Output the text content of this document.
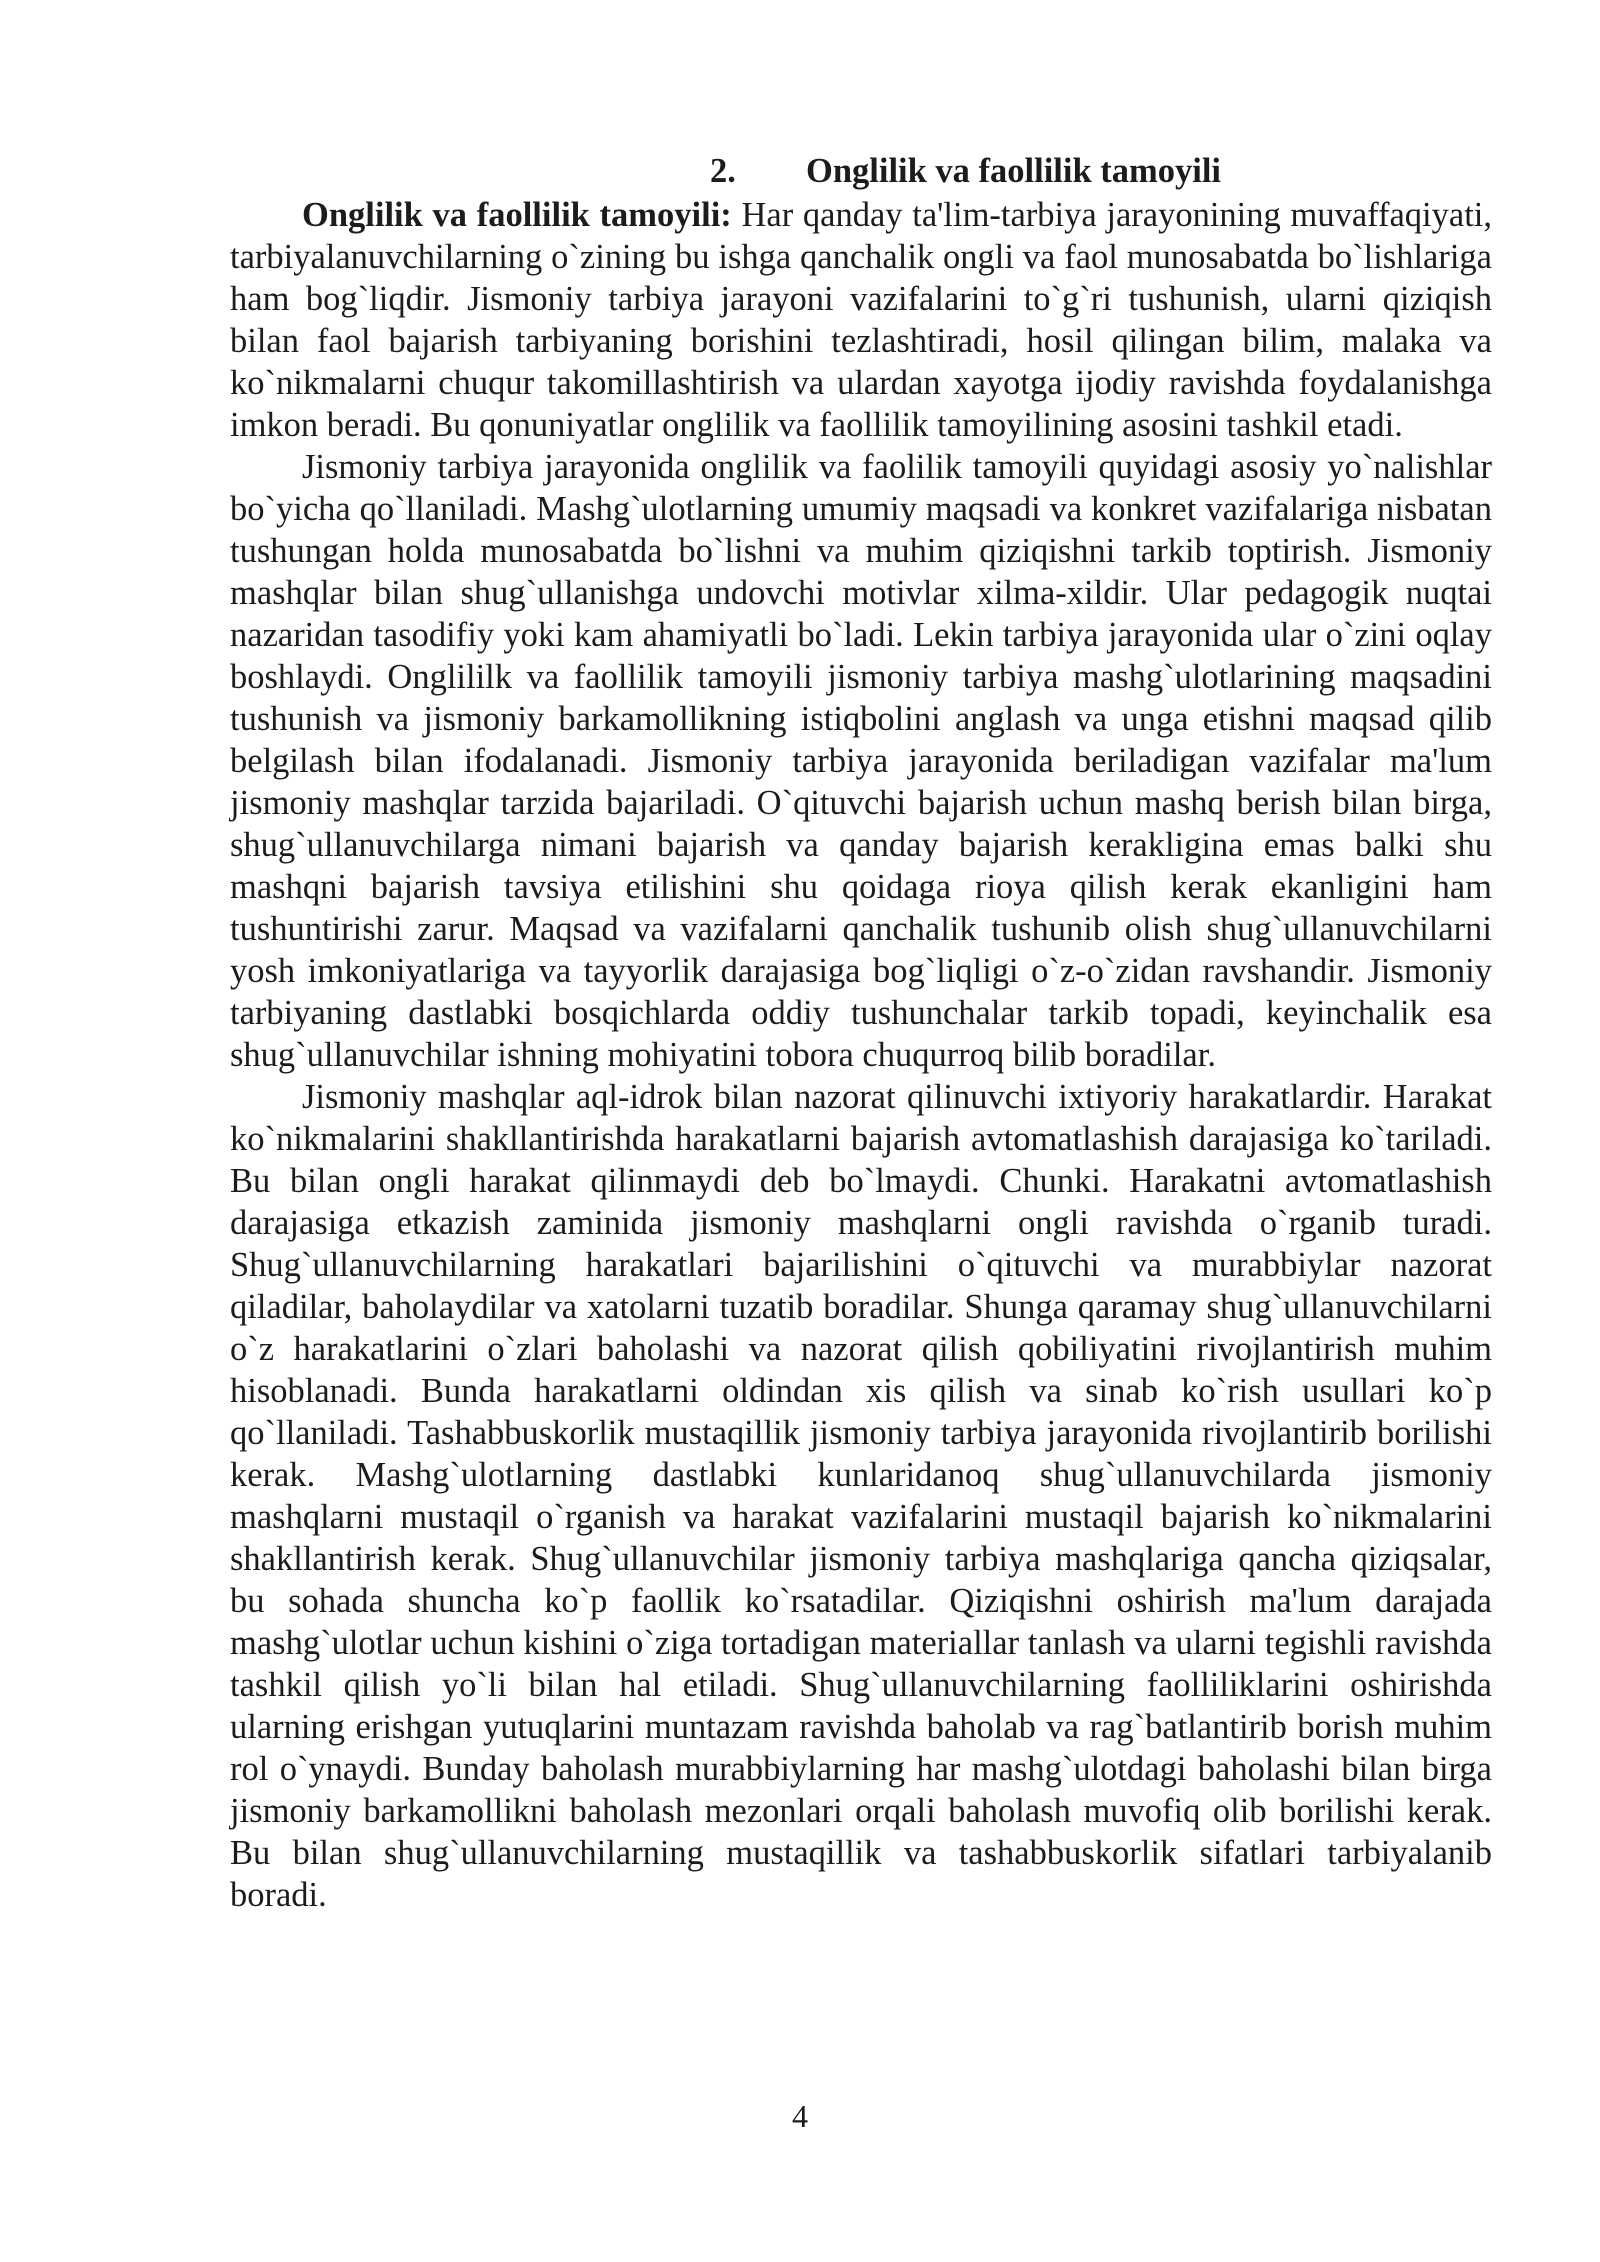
2. Onglilik va faollilik tamoyili

Onglilik va faollilik tamoyili: Har qanday ta'lim-tarbiya jarayonining muvaffaqiyati, tarbiyalanuvchilarning o`zining bu ishga qanchalik ongli va faol munosabatda bo`lishlariga ham bog`liqdir. Jismoniy tarbiya jarayoni vazifalarini to`g`ri tushunish, ularni qiziqish bilan faol bajarish tarbiyaning borishini tezlashtiradi, hosil qilingan bilim, malaka va ko`nikmalarni chuqur takomillashtirish va ulardan xayotga ijodiy ravishda foydalanishga imkon beradi. Bu qonuniyatlar onglilik va faollilik tamoyilining asosini tashkil etadi.

Jismoniy tarbiya jarayonida onglilik va faolilik tamoyili quyidagi asosiy yo`nalishlar bo`yicha qo`llaniladi. Mashg`ulotlarning umumiy maqsadi va konkret vazifalariga nisbatan tushungan holda munosabatda bo`lishni va muhim qiziqishni tarkib toptirish. Jismoniy mashqlar bilan shug`ullanishga undovchi motivlar xilma-xildir. Ular pedagogik nuqtai nazaridan tasodifiy yoki kam ahamiyatli bo`ladi. Lekin tarbiya jarayonida ular o`zini oqlay boshlaydi. Onglililk va faollilik tamoyili jismoniy tarbiya mashg`ulotlarining maqsadini tushunish va jismoniy barkamollikning istiqbolini anglash va unga etishni maqsad qilib belgilash bilan ifodalanadi. Jismoniy tarbiya jarayonida beriladigan vazifalar ma'lum jismoniy mashqlar tarzida bajariladi. O`qituvchi bajarish uchun mashq berish bilan birga, shug`ullanuvchilarga nimani bajarish va qanday bajarish kerakligina emas balki shu mashqni bajarish tavsiya etilishini shu qoidaga rioya qilish kerak ekanligini ham tushuntirishi zarur. Maqsad va vazifalarni qanchalik tushunib olish shug`ullanuvchilarni yosh imkoniyatlariga va tayyorlik darajasiga bog`liqligi o`z-o`zidan ravshandir. Jismoniy tarbiyaning dastlabki bosqichlarda oddiy tushunchalar tarkib topadi, keyinchalik esa shug`ullanuvchilar ishning mohiyatini tobora chuqurroq bilib boradilar.

Jismoniy mashqlar aql-idrok bilan nazorat qilinuvchi ixtiyoriy harakatlardir. Harakat ko`nikmalarini shakllantirishda harakatlarni bajarish avtomatlashish darajasiga ko`tariladi. Bu bilan ongli harakat qilinmaydi deb bo`lmaydi. Chunki. Harakatni avtomatlashish darajasiga etkazish zaminida jismoniy mashqlarni ongli ravishda o`rganib turadi. Shug`ullanuvchilarning harakatlari bajarilishini o`qituvchi va murabbiylar nazorat qiladilar, baholaydilar va xatolarni tuzatib boradilar. Shunga qaramay shug`ullanuvchilarni o`z harakatlarini o`zlari baholashi va nazorat qilish qobiliyatini rivojlantirish muhim hisoblanadi. Bunda harakatlarni oldindan xis qilish va sinab ko`rish usullari ko`p qo`llaniladi. Tashabbuskorlik mustaqillik jismoniy tarbiya jarayonida rivojlantirib borilishi kerak. Mashg`ulotlarning dastlabki kunlaridanoq shug`ullanuvchilarda jismoniy mashqlarni mustaqil o`rganish va harakat vazifalarini mustaqil bajarish ko`nikmalarini shakllantirish kerak. Shug`ullanuvchilar jismoniy tarbiya mashqlariga qancha qiziqsalar, bu sohada shuncha ko`p faollik ko`rsatadilar. Qiziqishni oshirish ma'lum darajada mashg`ulotlar uchun kishini o`ziga tortadigan materiallar tanlash va ularni tegishli ravishda tashkil qilish yo`li bilan hal etiladi. Shug`ullanuvchilarning faolliliklarini oshirishda ularning erishgan yutuqlarini muntazam ravishda baholab va rag`batlantirib borish muhim rol o`ynaydi. Bunday baholash murabbiylarning har mashg`ulotdagi baholashi bilan birga jismoniy barkamollikni baholash mezonlari orqali baholash muvofiq olib borilishi kerak. Bu bilan shug`ullanuvchilarning mustaqillik va tashabbuskorlik sifatlari tarbiyalanib boradi.

4
